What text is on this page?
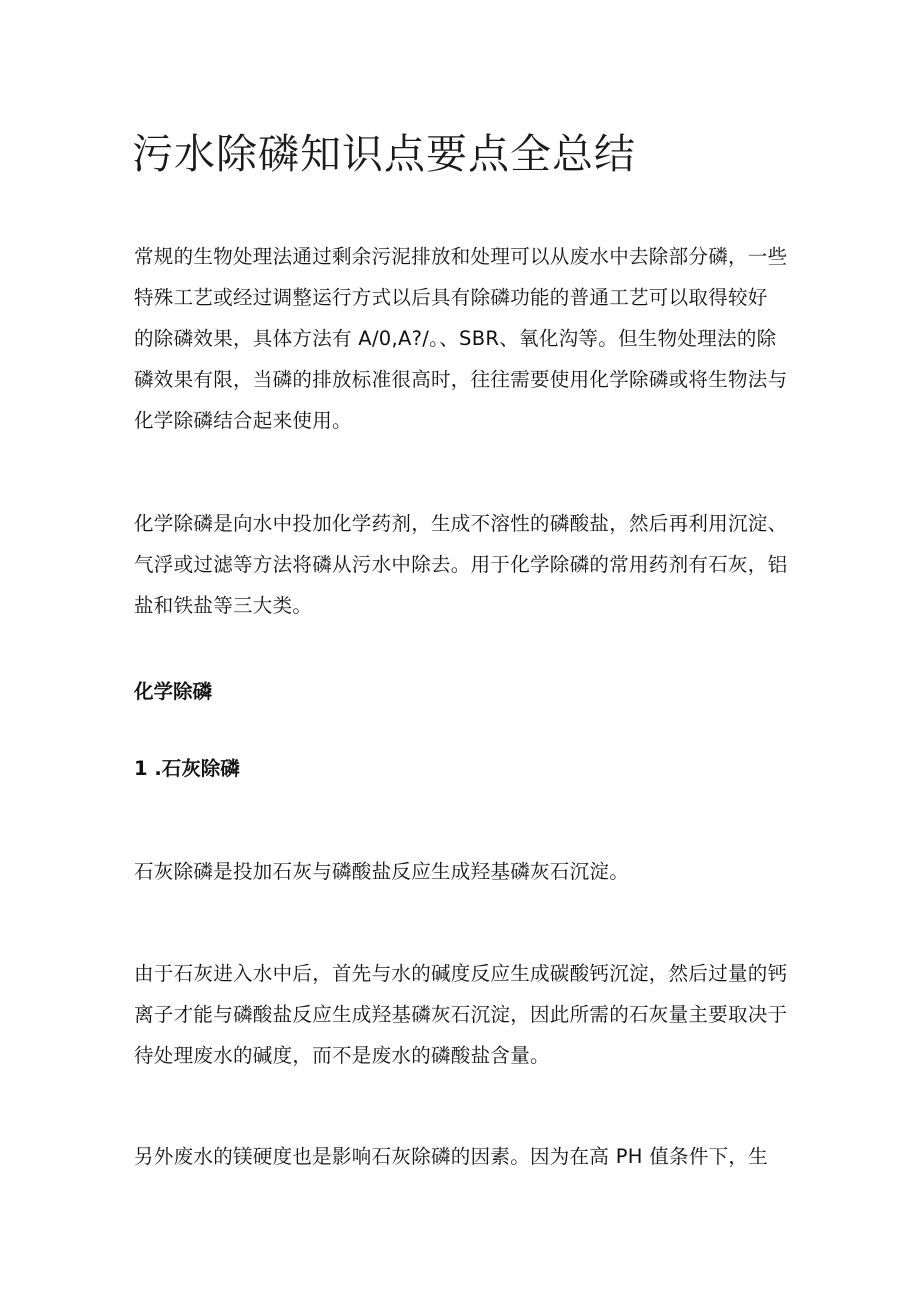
污水除磷知识点要点全总结
常规的生物处理法通过剩余污泥排放和处理可以从废水中去除部分磷，一些
特殊工艺或经过调整运行方式以后具有除磷功能的普通工艺可以取得较好
的除磷效果，具体方法有 A/0,A?/。、SBR、氧化沟等。但生物处理法的除
磷效果有限，当磷的排放标准很高时，往往需要使用化学除磷或将生物法与
化学除磷结合起来使用。
化学除磷是向水中投加化学药剂，生成不溶性的磷酸盐，然后再利用沉淀、
气浮或过滤等方法将磷从污水中除去。用于化学除磷的常用药剂有石灰，铝
盐和铁盐等三大类。
化学除磷
1 .石灰除磷
石灰除磷是投加石灰与磷酸盐反应生成羟基磷灰石沉淀。
由于石灰进入水中后，首先与水的碱度反应生成碳酸钙沉淀，然后过量的钙
离子才能与磷酸盐反应生成羟基磷灰石沉淀，因此所需的石灰量主要取决于
待处理废水的碱度，而不是废水的磷酸盐含量。
另外废水的镁硬度也是影响石灰除磷的因素。因为在高 PH 值条件下，生
